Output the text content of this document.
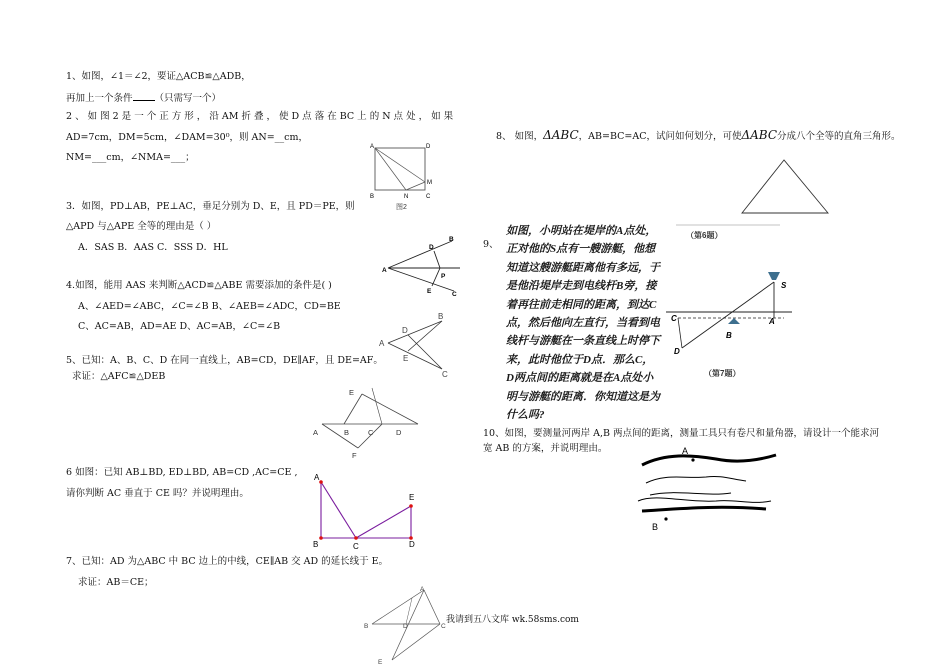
1、如图，∠1＝∠2，要证△ACB≌△ADB，
再加上一个条件 （只需写一个）
2 、 如 图 2 是 一 个 正 方 形 ， 沿 AM 折 叠 ， 使 D 点 落 在 BC 上 的 N 点 处 ， 如 果
AD=7cm，DM=5cm，∠DAM=30⁰，则 AN=__cm，
NM=___cm，∠NMA=___；
A	D
M
B	N	C
图2
3．如图，PD⊥AB，PE⊥AC，垂足分别为 D、E，且 PD＝PE，则
△APD 与△APE 全等的理由是（ ）
A．SAS B．AAS C．SSS D．HL
A
B
D
P
E	C
4.如图，能用 AAS 来判断△ACD≌△ABE 需要添加的条件是( )
A、∠AED=∠ABC，∠C=∠B B、∠AEB=∠ADC，CD=BE
C、AC=AB，AD=AE D、AC=AB，∠C=∠B
A
B
D
E
C
5、已知：A、B、C、D 在同一直线上，AB=CD，DE∥AF，且 DE=AF。
求证：△AFC≌△DEB
E
A	B	C	D
F
6 如图：已知 AB⊥BD, ED⊥BD, AB=CD ,AC=CE ,
请你判断 AC 垂直于 CE 吗？并说明理由。
A
B	C	D
E
7、已知：AD 为△ABC 中 BC 边上的中线，CE∥AB 交 AD 的延长线于 E。
求证：AB＝CE；
A
B	D	C
E
8、 如图，ΔABC，AB=BC=AC，试问如何划分，可使ΔABC分成八个全等的直角三角形。
（第6题）
9、
如图，小明站在堤岸的A点处，正对他的S点有一艘游艇，他想知道这艘游艇距离他有多远，于是他沿堤岸走到电线杆B旁，接着再往前走相同的距离，到达C点，然后他向左直行，当看到电线杆与游艇在一条直线上时停下来，此时他位于D点．那么C，D两点间的距离就是在A点处小明与游艇的距离．你知道这是为什么吗?
S
A
B
C
D
（第7题）
10、如图，要测量河两岸 A,B 两点间的距离，测量工具只有卷尺和量角器，请设计一个能求河
宽 AB 的方案，并说明理由。	A
B
我请到五八文库 wk.58sms.com
